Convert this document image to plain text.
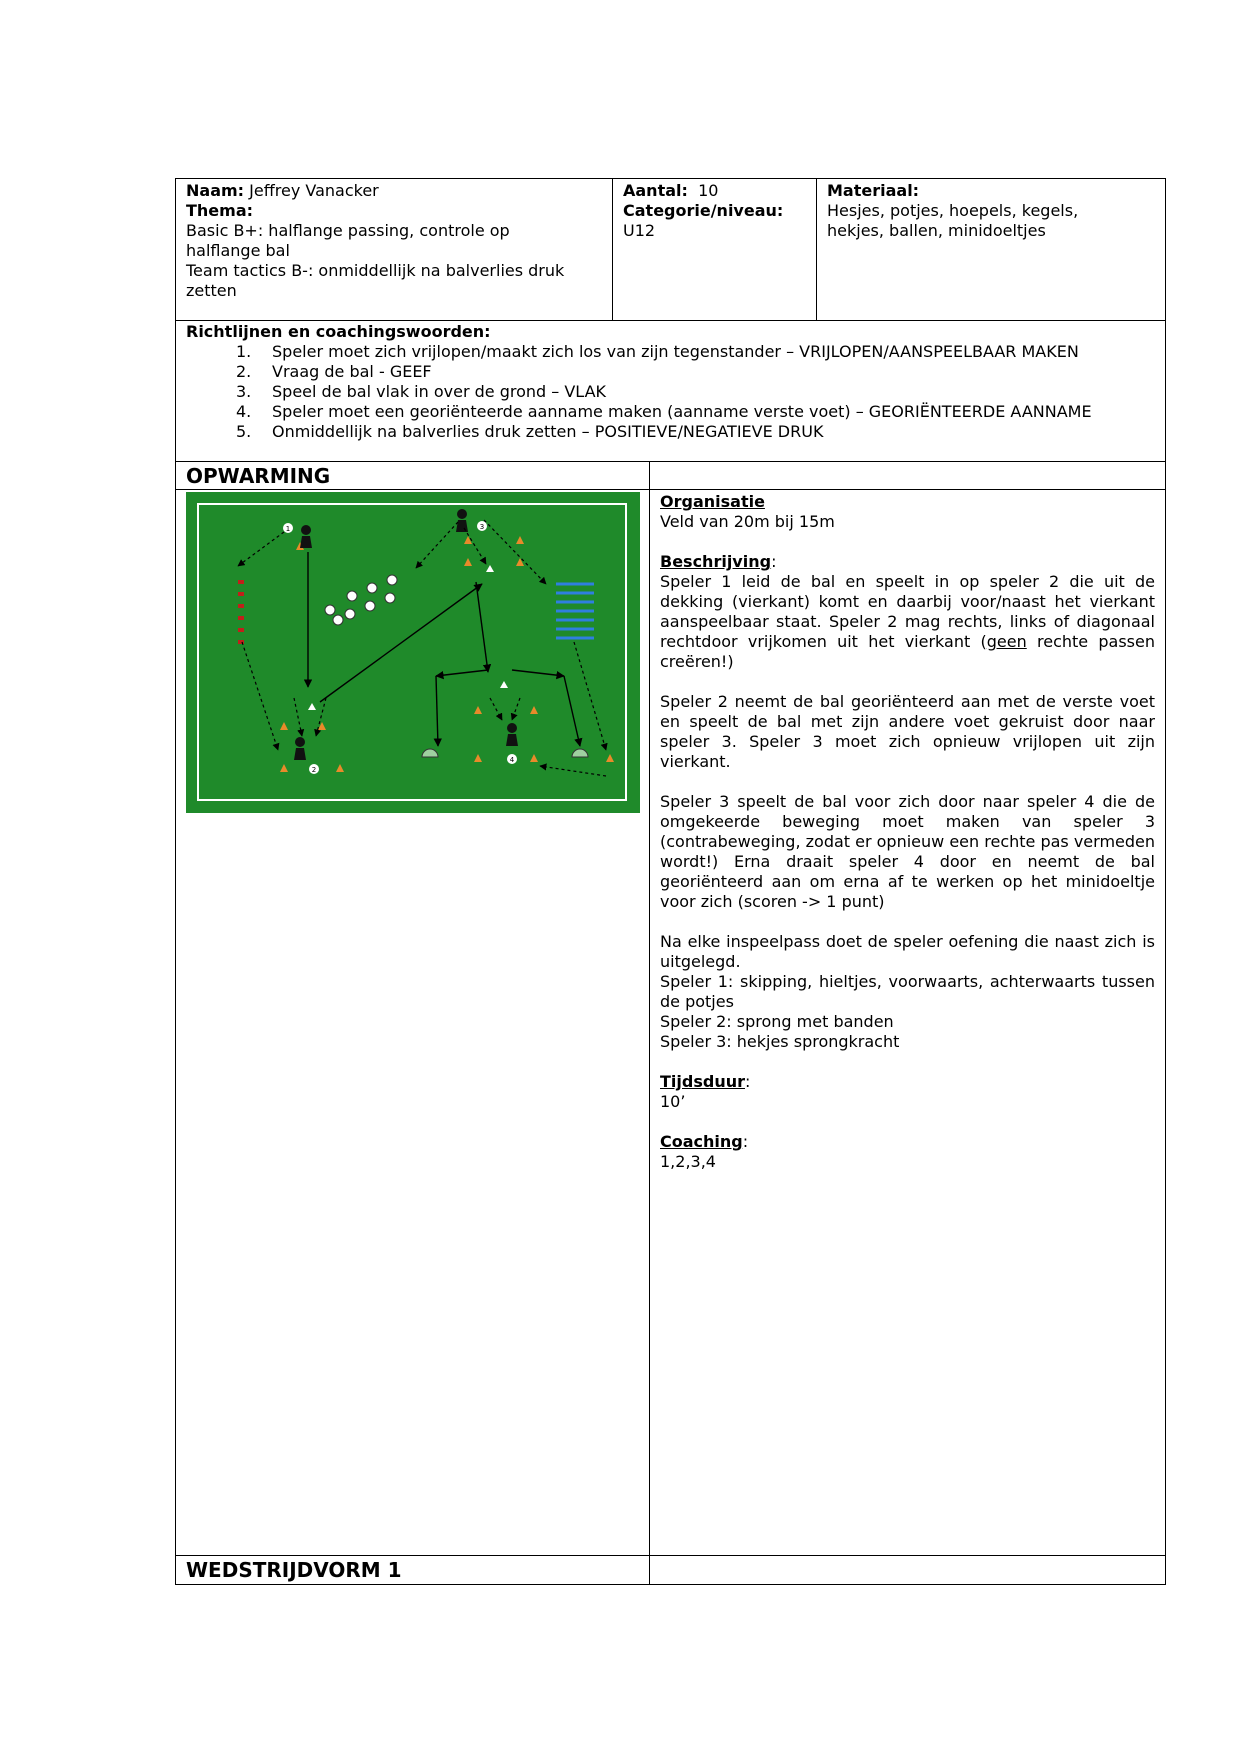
Naam: Jeffrey Vanacker

Thema:

Basic B+: halflange passing, controle op

halflange bal

Team tactics B-: onmiddellijk na balverlies druk

zetten

Aantal: 10

Categorie/niveau:

U12

Materiaal:

Hesjes, potjes, hoepels, kegels,

hekjes, ballen, minidoeltjes

Richtlijnen en coachingswoorden:

1.	Speler moet zich vrijlopen/maakt zich los van zijn tegenstander – VRIJLOPEN/AANSPEELBAAR MAKEN
2.	Vraag de bal - GEEF
3.	Speel de bal vlak in over de grond – VLAK
4.	Speler moet een georiënteerde aanname maken (aanname verste voet) – GEORIËNTEERDE AANNAME
5.	Onmiddellijk na balverlies druk zetten – POSITIEVE/NEGATIEVE DRUK
OPWARMING
1	3
2
4

Organisatie

Veld van 20m bij 15m

Beschrijving:

Speler 1 leid de bal en speelt in op speler 2 die uit de dekking (vierkant) komt en daarbij voor/naast het vierkant aanspeelbaar staat. Speler 2 mag rechts, links of diagonaal rechtdoor vrijkomen uit het vierkant (geen rechte passen creëren!)

Speler 2 neemt de bal georiënteerd aan met de verste voet en speelt de bal met zijn andere voet gekruist door naar speler 3. Speler 3 moet zich opnieuw vrijlopen uit zijn vierkant.

Speler 3 speelt de bal voor zich door naar speler 4 die de omgekeerde beweging moet maken van speler 3 (contrabeweging, zodat er opnieuw een rechte pas vermeden wordt!) Erna draait speler 4 door en neemt de bal georiënteerd aan om erna af te werken op het minidoeltje voor zich (scoren -> 1 punt)

Na elke inspeelpass doet de speler oefening die naast zich is uitgelegd.

Speler 1: skipping, hieltjes, voorwaarts, achterwaarts tussen de potjes

Speler 2: sprong met banden

Speler 3: hekjes sprongkracht

Tijdsduur:

10’

Coaching:

1,2,3,4

WEDSTRIJDVORM 1
